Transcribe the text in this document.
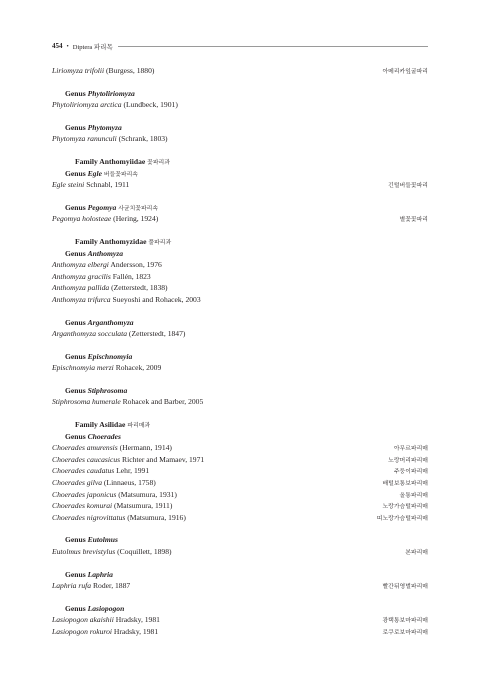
454 • Diptera 파리목
Liriomyza trifolii (Burgess, 1880)	아메리카잎굴파리
Genus Phytoliriomyza
Phytoliriomyza arctica (Lundbeck, 1901)
Genus Phytomyza
Phytomyza ranunculi (Schrank, 1803)
Family Anthomyiidae 꽃파리과
Genus Egle 버들꽃파리속
Egle steini Schnabl, 1911	긴털버들꽃파리
Genus Pegomya 사균치꽃파리속
Pegomya holosteae (Hering, 1924)	별꽃꽃파리
Family Anthomyzidae 풀파리과
Genus Anthomyza
Anthomyza elbergi Andersson, 1976
Anthomyza gracilis Fallén, 1823
Anthomyza pallida (Zetterstedt, 1838)
Anthomyza trifurca Sueyoshi and Rohacek, 2003
Genus Arganthomyza
Arganthomyza socculata (Zetterstedt, 1847)
Genus Epischnomyia
Epischnomyia merzi Rohacek, 2009
Genus Stiphrosoma
Stiphrosoma humerale Rohacek and Barber, 2005
Family Asilidae 파리매과
Genus Choerades
Choerades amurensis (Hermann, 1914)	아무르파리매
Choerades caucasicus Richter and Mamaev, 1971	노랑머리파리매
Choerades caudatus Lehr, 1991	주둥이파리매
Choerades gilva (Linnaeus, 1758)	배털보통보파리매
Choerades japonicus (Matsumura, 1931)	올통파리매
Choerades komurai (Matsumura, 1911)	노랑가슴털파리매
Choerades nigrovittatus (Matsumura, 1916)	띠노랑가슴털파리매
Genus Eutolmus
Eutolmus brevistylus (Coquillett, 1898)	본파리매
Genus Laphria
Laphria rufa Roder, 1887	빨간뒤영벌파리매
Genus Lasiopogon
Lasiopogon akaishii Hradsky, 1981	광택통보마파리매
Lasiopogon rokuroi Hradsky, 1981	로쿠로보마파리매
